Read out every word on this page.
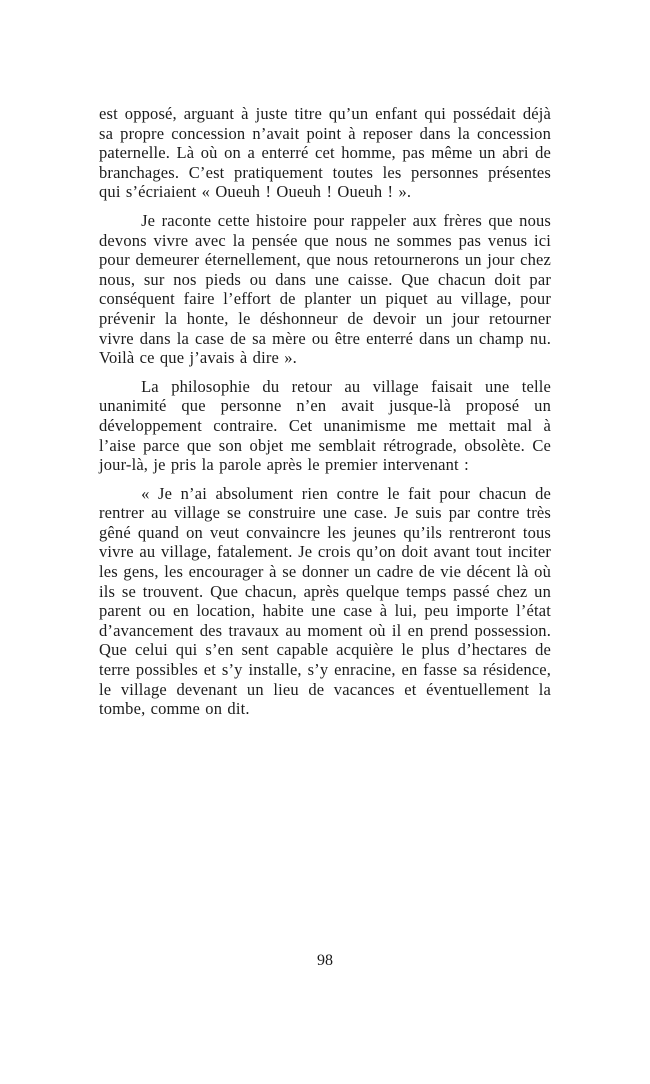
est opposé, arguant à juste titre qu’un enfant qui possédait déjà sa propre concession n’avait point à reposer dans la concession paternelle. Là où on a enterré cet homme, pas même un abri de branchages. C’est pratiquement toutes les personnes présentes qui s’écriaient « Oueuh ! Oueuh ! Oueuh ! ».

Je raconte cette histoire pour rappeler aux frères que nous devons vivre avec la pensée que nous ne sommes pas venus ici pour demeurer éternellement, que nous retournerons un jour chez nous, sur nos pieds ou dans une caisse. Que chacun doit par conséquent faire l’effort de planter un piquet au village, pour prévenir la honte, le déshonneur de devoir un jour retourner vivre dans la case de sa mère ou être enterré dans un champ nu. Voilà ce que j’avais à dire ».

La philosophie du retour au village faisait une telle unanimité que personne n’en avait jusque-là proposé un développement contraire. Cet unanimisme me mettait mal à l’aise parce que son objet me semblait rétrograde, obsolète. Ce jour-là, je pris la parole après le premier intervenant :

« Je n’ai absolument rien contre le fait pour chacun de rentrer au village se construire une case. Je suis par contre très gêné quand on veut convaincre les jeunes qu’ils rentreront tous vivre au village, fatalement. Je crois qu’on doit avant tout inciter les gens, les encourager à se donner un cadre de vie décent là où ils se trouvent. Que chacun, après quelque temps passé chez un parent ou en location, habite une case à lui, peu importe l’état d’avancement des travaux au moment où il en prend possession. Que celui qui s’en sent capable acquière le plus d’hectares de terre possibles et s’y installe, s’y enracine, en fasse sa résidence, le village devenant un lieu de vacances et éventuellement la tombe, comme on dit.

98
